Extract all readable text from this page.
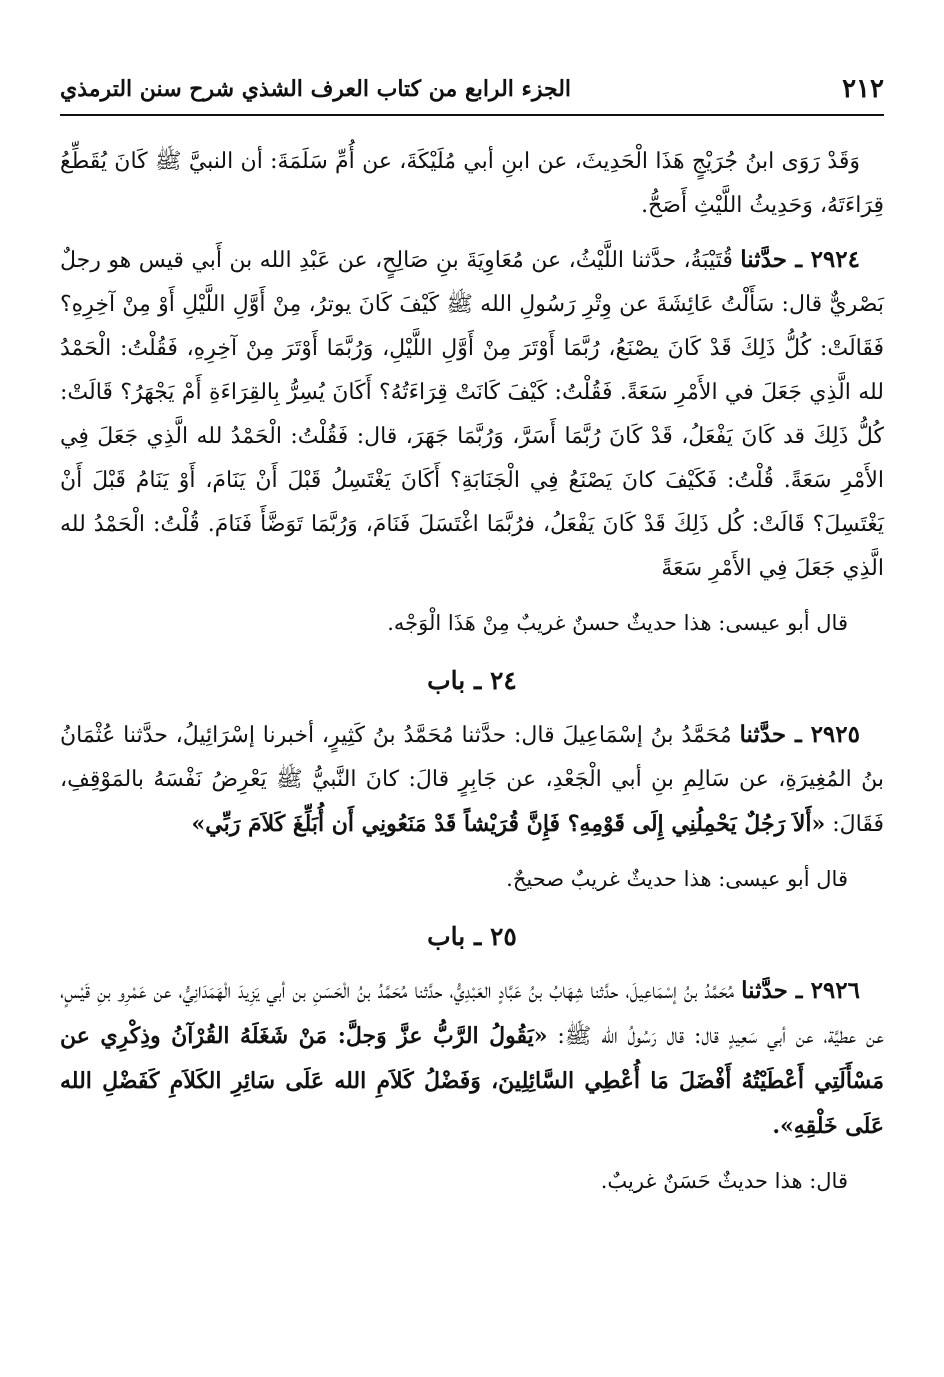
٢١٢
الجزء الرابع من كتاب العرف الشذي شرح سنن الترمذي

وَقَدْ رَوَى ابنُ جُرَيْجٍ هَذَا الْحَدِيثَ، عن ابنِ أبي مُلَيْكَةَ، عن أُمِّ سَلَمَةَ: أن النبيَّ ﷺ كَانَ يُقَطِّعُ قِرَاءَتَهُ، وَحَدِيثُ اللَّيْثِ أَصَحُّ.

٢٩٢٤ ـ حدَّثنا قُتَيْبَةُ، حدَّثنا اللَّيْثُ، عن مُعَاوِيَةَ بنِ صَالِحٍ، عن عَبْدِ الله بن أَبي قيس هو رجلٌ بَصْريٌّ قال: سَأَلْتُ عَائِشَةَ عن وِتْرِ رَسُولِ الله ﷺ كَيْفَ كَانَ يوترُ، مِنْ أَوَّلِ اللَّيْلِ أَوْ مِنْ آخِرِهِ؟ فَقَالَتْ: كُلُّ ذَلِكَ قَدْ كَانَ يصْنَعُ، رُبَّمَا أَوْتَرَ مِنْ أَوَّلِ اللَّيْلِ، وَرُبَّمَا أَوْتَرَ مِنْ آخِرِهِ، فَقُلْتُ: الْحَمْدُ لله الَّذِي جَعَلَ في الأَمْرِ سَعَةً. فَقُلْتُ: كَيْفَ كَانَتْ قِرَاءَتُهُ؟ أَكَانَ يُسِرُّ بِالقِرَاءَةِ أَمْ يَجْهَرُ؟ قَالَتْ: كُلُّ ذَلِكَ قد كَانَ يَفْعَلُ، قَدْ كَانَ رُبَّمَا أَسَرَّ، وَرُبَّمَا جَهَرَ، قال: فَقُلْتُ: الْحَمْدُ لله الَّذِي جَعَلَ فِي الأَمْرِ سَعَةً. قُلْتُ: فَكَيْفَ كانَ يَصْنَعُ فِي الْجَنَابَةِ؟ أَكَانَ يَغْتَسِلُ قَبْلَ أَنْ يَنَامَ، أَوْ يَنَامُ قَبْلَ أَنْ يَغْتَسِلَ؟ قَالَتْ: كُل ذَلِكَ قَدْ كَانَ يَفْعَلُ، فرُبَّمَا اغْتَسَلَ فَنَامَ، وَرُبَّمَا تَوَضَّأَ فَنَامَ. قُلْتُ: الْحَمْدُ لله الَّذِي جَعَلَ فِي الأَمْرِ سَعَةً

قال أبو عيسى: هذا حديثٌ حسنٌ غريبٌ مِنْ هَذَا الْوَجْه.

٢٤ ـ باب

٢٩٢٥ ـ حدَّثنا مُحَمَّدُ بنُ إسْمَاعِيلَ قال: حدَّثنا مُحَمَّدُ بنُ كَثِيرٍ، أخبرنا إسْرَائِيلُ، حدَّثنا عُثْمَانُ بنُ المُغِيرَةِ، عن سَالِمِ بنِ أبي الْجَعْدِ، عن جَابِرٍ قالَ: كانَ النَّبيُّ ﷺ يَعْرِضُ نَفْسَهُ بالمَوْقِفِ، فَقَالَ: «أَلاَ رَجُلٌ يَحْمِلُنِي إِلَى قَوْمِهِ؟ فَإِنَّ قُرَيْشاً قَدْ مَنَعُونِي أَن أُبَلِّغَ كَلاَمَ رَبِّي»

قال أبو عيسى: هذا حديثٌ غريبٌ صحيحٌ.

٢٥ ـ باب

٢٩٢٦ ـ حدَّثنا مُحَمَّدُ بنُ إسْمَاعِيلَ، حدَّثنا شِهَابُ بنُ عَبَّادٍ العَبْدِيُّ، حدَّثنا مُحَمَّدُ بنُ الْحَسَنِ بن أبي يَزِيدَ الْهَمَدَانِيُّ، عن عَمْرِو بنِ قَيْسٍ، عن عطيَّة، عن أبي سَعِيدٍ قال: قال رَسُولُ الله ﷺ: «يَقُولُ الرَّبُّ عزَّ وَجلَّ: مَنْ شَغَلَهُ القُرْآنُ وذِكْرِي عن مَسْأَلَتِي أَعْطَيْتُهُ أَفْضَلَ مَا أُعْطِي السَّائِلِينَ، وَفَضْلُ كَلاَمِ الله عَلَى سَائِرِ الكَلاَمِ كَفَضْلِ الله عَلَى خَلْقِهِ».

قال: هذا حديثٌ حَسَنٌ غريبٌ.
